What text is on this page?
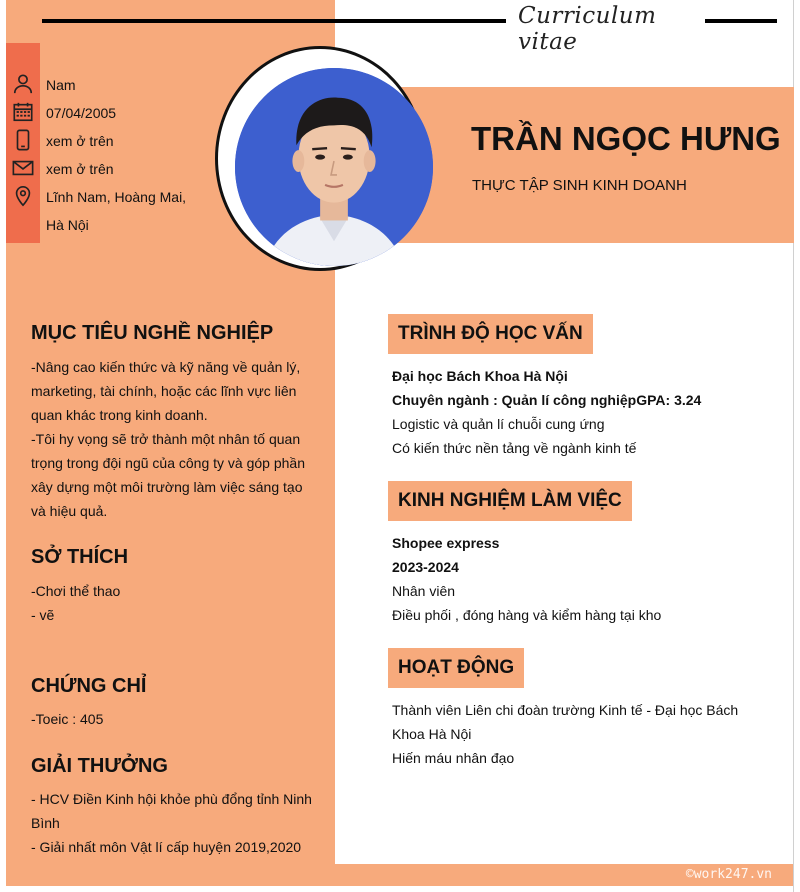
Curriculum vitae
Nam
07/04/2005
xem ở trên
xem ở trên
Lĩnh Nam, Hoàng Mai,
Hà Nội
TRẦN NGỌC HƯNG
THỰC TẬP SINH KINH DOANH
MỤC TIÊU NGHỀ NGHIỆP
-Nâng cao kiến thức và kỹ năng về quản lý,
marketing, tài chính, hoặc các lĩnh vực liên
quan khác trong kinh doanh.
-Tôi hy vọng sẽ trở thành một nhân tố quan
trọng trong đội ngũ của công ty và góp phần
xây dựng một môi trường làm việc sáng tạo
và hiệu quả.
SỞ THÍCH
-Chơi thể thao
- vẽ
CHỨNG CHỈ
-Toeic : 405
GIẢI THƯỞNG
- HCV Điền Kinh hội khỏe phù đổng tỉnh Ninh
Bình
- Giải nhất môn Vật lí cấp huyện 2019,2020
TRÌNH ĐỘ HỌC VẤN
Đại học Bách Khoa Hà Nội
Chuyên ngành : Quản lí công nghiệpGPA: 3.24
Logistic và quản lí chuỗi cung ứng
Có kiến thức nền tảng về ngành kinh tế
KINH NGHIỆM LÀM VIỆC
Shopee express
2023-2024
Nhân viên
Điều phối , đóng hàng và kiểm hàng tại kho
HOẠT ĐỘNG
Thành viên Liên chi đoàn trường Kinh tế - Đại học Bách
Khoa Hà Nội
Hiến máu nhân đạo
©work247.vn
